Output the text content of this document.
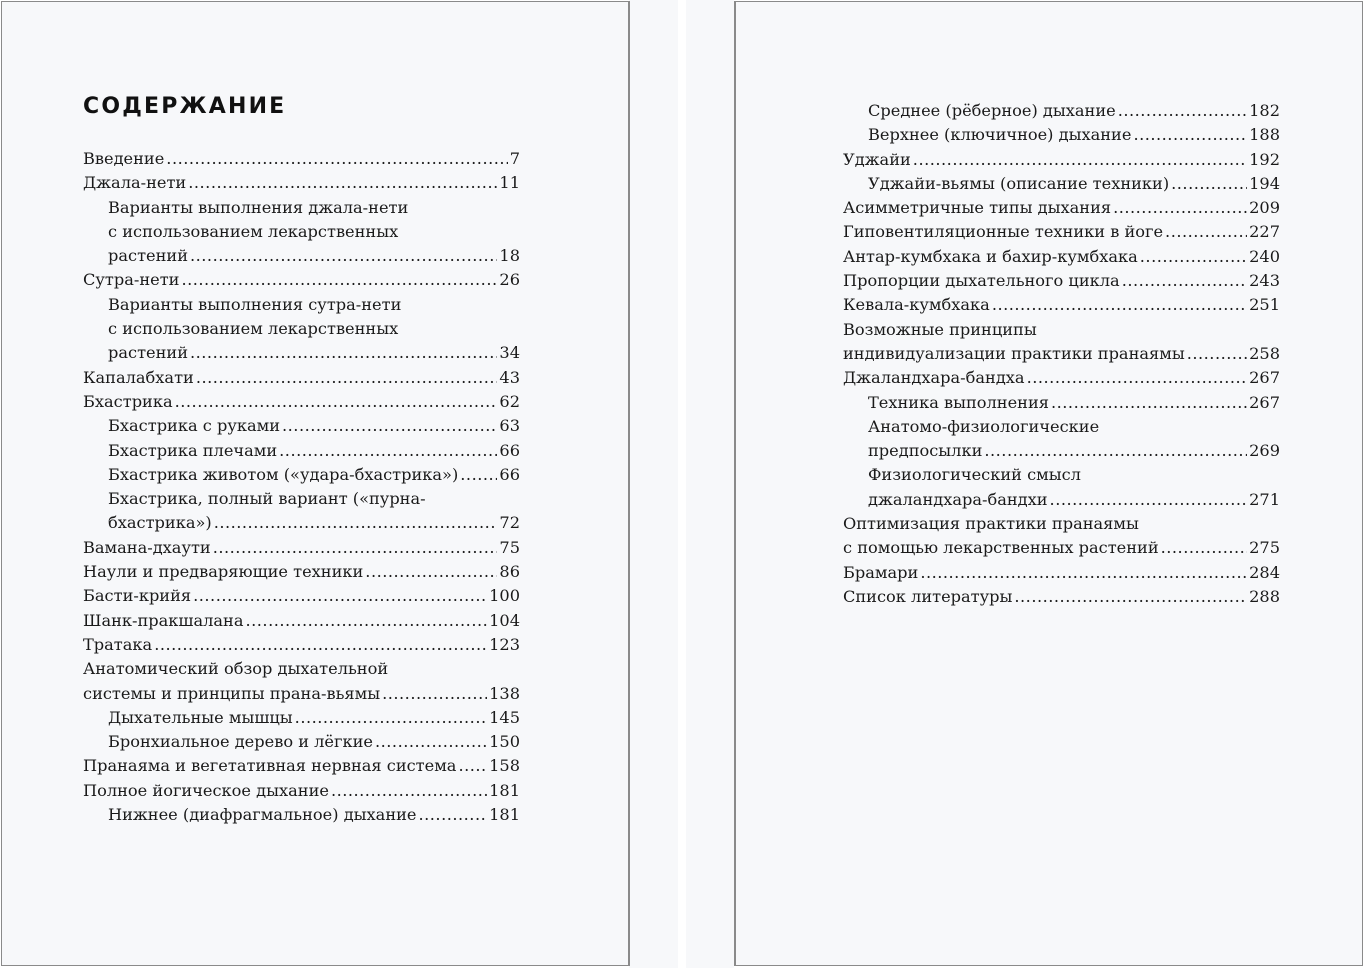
СОДЕРЖАНИЕ
Введение .....	7
Джала-нети .....	11
Варианты выполнения джала-нети
с использованием лекарственных
растений .....	18
Сутра-нети .....	26
Варианты выполнения сутра-нети
с использованием лекарственных
растений .....	34
Капалабхати .....	43
Бхастрика .....	62
Бхастрика с руками .....	63
Бхастрика плечами .....	66
Бхастрика животом («удара-бхастрика») .....	66
Бхастрика, полный вариант («пурна-
бхастрика») .....	72
Вамана-дхаути .....	75
Наули и предваряющие техники .....	86
Басти-крийя .....	100
Шанк-пракшалана .....	104
Тратака .....	123
Анатомический обзор дыхательной
системы и принципы прана-вьямы .....	138
Дыхательные мышцы .....	145
Бронхиальное дерево и лёгкие .....	150
Пранаяма и вегетативная нервная система ..... 158
Полное йогическое дыхание .....	181
Нижнее (диафрагмальное) дыхание .....	181
Среднее (рёберное) дыхание .....	182
Верхнее (ключичное) дыхание .....	188
Уджайи .....	192
Уджайи-вьямы (описание техники) .....	194
Асимметричные типы дыхания .....	209
Гиповентиляционные техники в йоге .....	227
Антар-кумбхака и бахир-кумбхака .....	240
Пропорции дыхательного цикла .....	243
Кевала-кумбхака .....	251
Возможные принципы
индивидуализации практики пранаямы .....	258
Джаландхара-бандха .....	267
Техника выполнения .....	267
Анатомо-физиологические
предпосылки .....	269
Физиологический смысл
джаландхара-бандхи .....	271
Оптимизация практики пранаямы
с помощью лекарственных растений .....	275
Брамари .....	284
Список литературы .....	288
